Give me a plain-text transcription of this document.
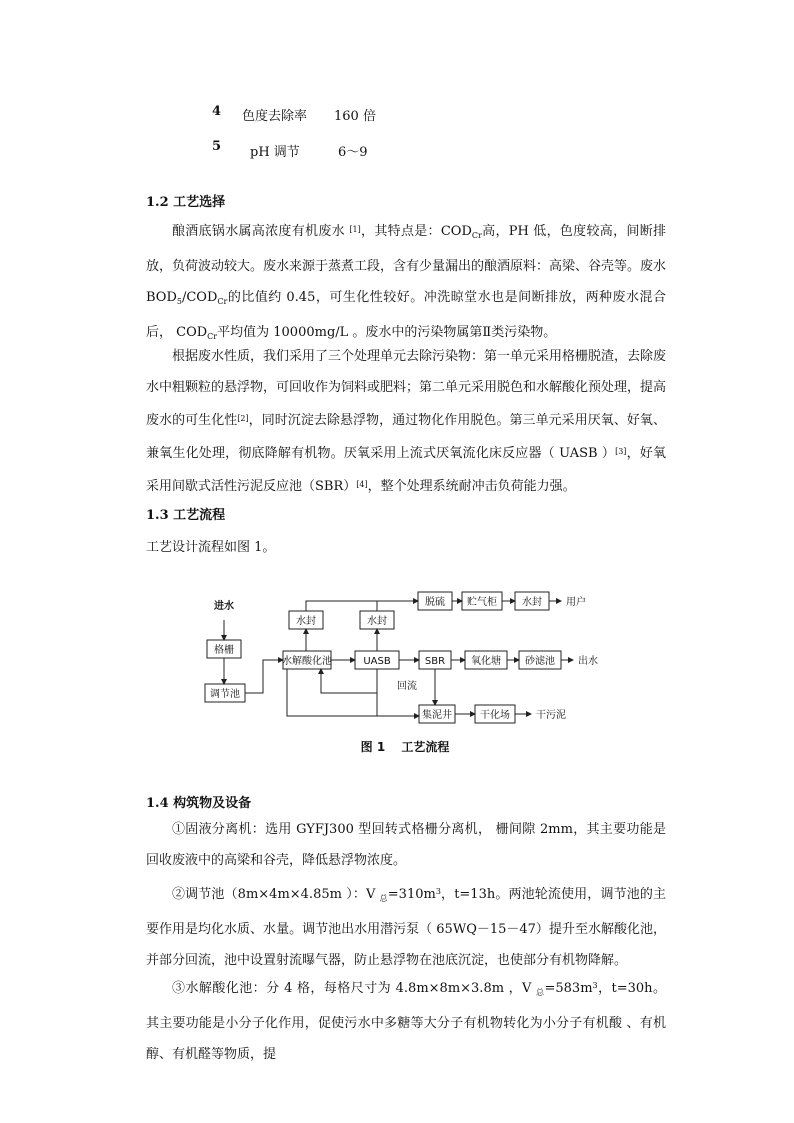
4 色度去除率 160 倍
5 pH 调节	6～9
1.2 工艺选择

酿酒底锅水属高浓度有机废水 [1]，其特点是：$COD_{Cr}$高，PH 低，色度较高，间断排放，负荷波动较大。废水来源于蒸煮工段，含有少量漏出的酿酒原料：高梁、谷壳等。废水 $BOD_5/COD_{Cr}$的比值约 0.45，可生化性较好。冲洗晾堂水也是间断排放，两种废水混合后， $COD_{Cr}$平均值为 10000mg/L 。废水中的污染物属第Ⅱ类污染物。

根据废水性质，我们采用了三个处理单元去除污染物：第一单元采用格栅脱渣，去除废水中粗颗粒的悬浮物，可回收作为饲料或肥料；第二单元采用脱色和水解酸化预处理，提高废水的可生化性[2]，同时沉淀去除悬浮物，通过物化作用脱色。第三单元采用厌氧、好氧、兼氧生化处理，彻底降解有机物。厌氧采用上流式厌氧流化床反应器（ UASB ）[3]，好氧采用间歇式活性污泥反应池（SBR）[4]，整个处理系统耐冲击负荷能力强。

1.3 工艺流程
工艺设计流程如图 1。
进水
格栅
调节池
水解酸化池
水封	水封
UASB	SBR	氧化塘 砂滤池 出水
脱硫 贮气柜	水封 用户
回流
集泥井	干化场	干污泥
图 1　 工艺流程
1.4 构筑物及设备

①固液分离机：选用 GYFJ300 型回转式格栅分离机， 栅间隙 2mm，其主要功能是回收废液中的高梁和谷壳，降低悬浮物浓度。

②调节池（8m×4m×4.85m ）：V $_总=310m^3$，t=13h。两池轮流使用，调节池的主要作用是均化水质、水量。调节池出水用潜污泵（ 65WQ－15－47）提升至水解酸化池，并部分回流，池中设置射流曝气器，防止悬浮物在池底沉淀，也使部分有机物降解。

③水解酸化池：分 4 格，每格尺寸为 4.8m×8m×3.8m ，V $_总=583m^3$，t=30h。其主要功能是小分子化作用，促使污水中多糖等大分子有机物转化为小分子有机酸 、有机醇、有机醛等物质，提
